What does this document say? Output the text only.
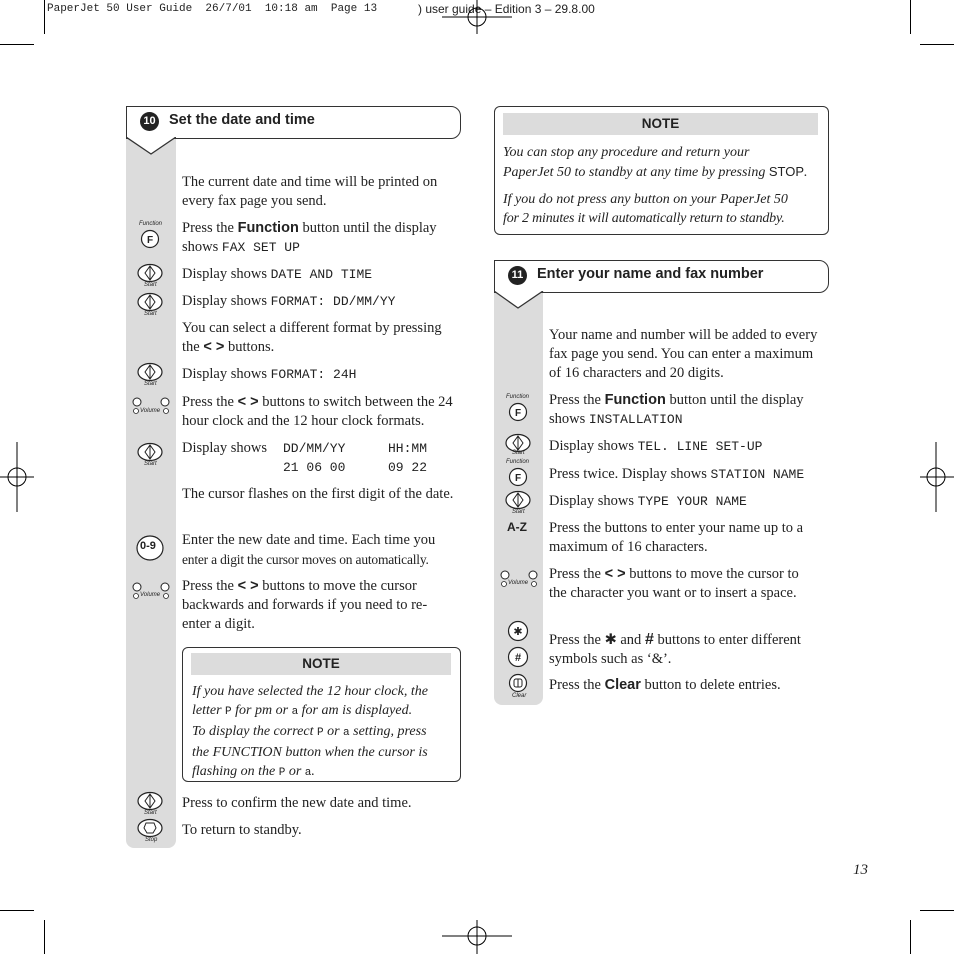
PaperJet 50 User Guide  26/7/01  10:18 am  Page 13	) user guide – Edition 3 – 29.8.00
10 Set the date and time
The current date and time will be printed on every fax page you send.
Function
F
Press the Function button until the display shows FAX SET UP
Start
Display shows DATE AND TIME
Start
Display shows FORMAT: DD/MM/YY
You can select a different format by pressing the < > buttons.
Start
Display shows FORMAT: 24H
Volume
Press the < > buttons to switch between the 24 hour clock and the 12 hour clock formats.
Start
Display shows DD/MM/YY
21 06 00
HH:MM
09 22
The cursor flashes on the first digit of the date.
0-9 Enter the new date and time. Each time you
enter a digit the cursor moves on automatically.
Volume
Press the < > buttons to move the cursor backwards and forwards if you need to re-enter a digit.
NOTE
If you have selected the 12 hour clock, the
letter P for pm or a for am is displayed.
To display the correct P or a setting, press
the FUNCTION button when the cursor is
flashing on the P or a.
Start
Press to confirm the new date and time.
Stop
To return to standby.
NOTE
You can stop any procedure and return your
PaperJet 50 to standby at any time by pressing STOP.
If you do not press any button on your PaperJet 50
for 2 minutes it will automatically return to standby.
11 Enter your name and fax number
Your name and number will be added to every fax page you send. You can enter a maximum of 16 characters and 20 digits.
Function
F
Press the Function button until the display shows INSTALLATION
Start Display shows TEL. LINE SET-UP
Function
F Press twice. Display shows STATION NAME
Start
Display shows TYPE YOUR NAME
A-Z Press the buttons to enter your name up to a maximum of 16 characters.
Volume
Press the < > buttons to move the cursor to the character you want or to insert a space.
✱
#
Press the ✱ and # buttons to enter different symbols such as ‘&’.
Clear
Press the Clear button to delete entries.
13
